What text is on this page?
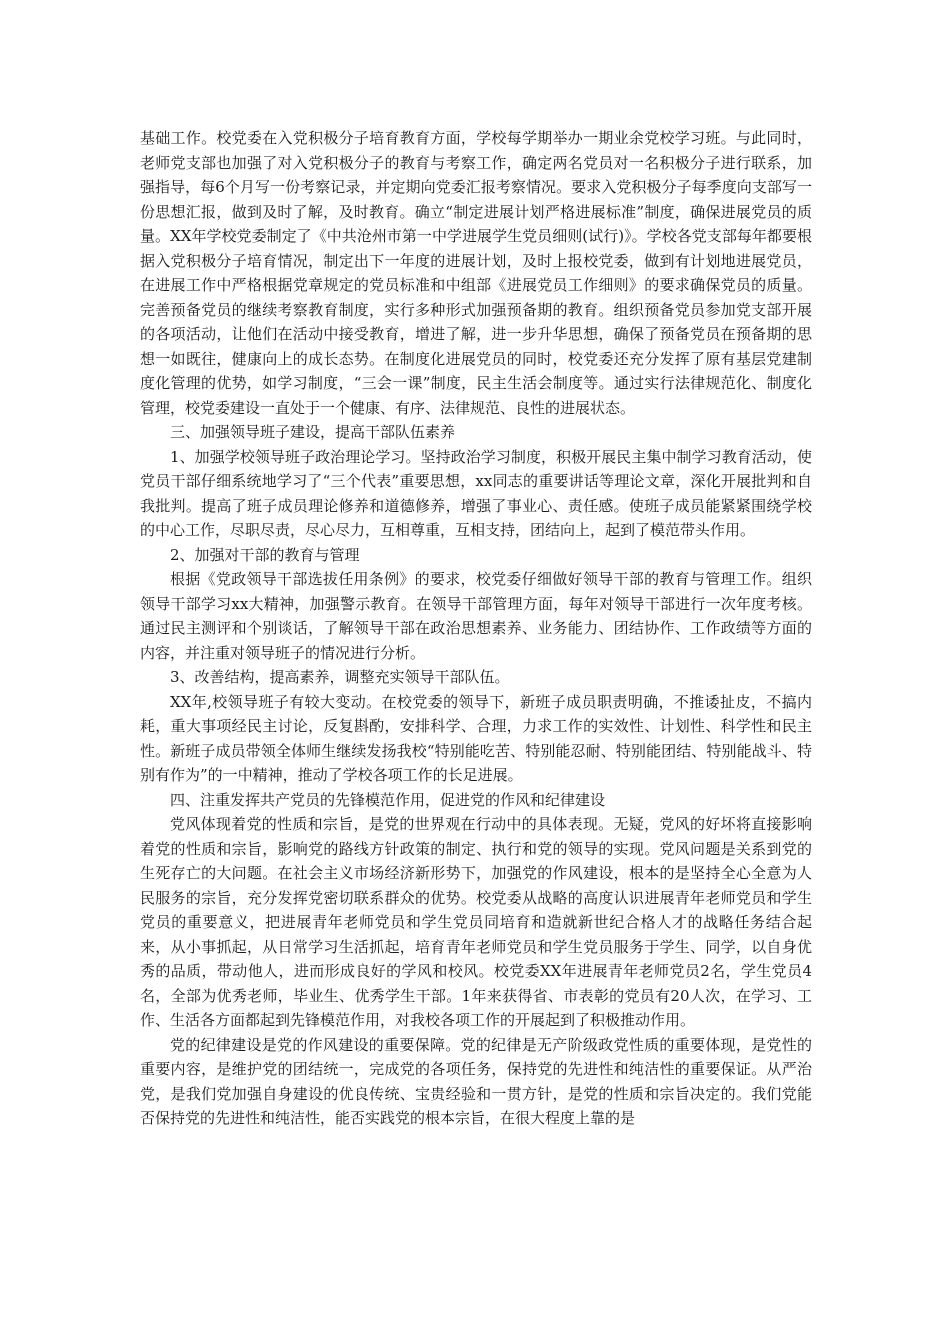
基础工作。校党委在入党积极分子培育教育方面，学校每学期举办一期业余党校学习班。与此同时，老师党支部也加强了对入党积极分子的教育与考察工作，确定两名党员对一名积极分子进行联系，加强指导，每6个月写一份考察记录，并定期向党委汇报考察情况。要求入党积极分子每季度向支部写一份思想汇报，做到及时了解，及时教育。确立“制定进展计划严格进展标准”制度，确保进展党员的质量。XX年学校党委制定了《中共沧州市第一中学进展学生党员细则(试行)》。学校各党支部每年都要根据入党积极分子培育情况，制定出下一年度的进展计划，及时上报校党委，做到有计划地进展党员，在进展工作中严格根据党章规定的党员标准和中组部《进展党员工作细则》的要求确保党员的质量。完善预备党员的继续考察教育制度，实行多种形式加强预备期的教育。组织预备党员参加党支部开展的各项活动，让他们在活动中接受教育，增进了解，进一步升华思想，确保了预备党员在预备期的思想一如既往，健康向上的成长态势。在制度化进展党员的同时，校党委还充分发挥了原有基层党建制度化管理的优势，如学习制度，“三会一课”制度，民主生活会制度等。通过实行法律规范化、制度化管理，校党委建设一直处于一个健康、有序、法律规范、良性的进展状态。

三、加强领导班子建设，提高干部队伍素养

1、加强学校领导班子政治理论学习。坚持政治学习制度，积极开展民主集中制学习教育活动，使党员干部仔细系统地学习了“三个代表”重要思想，xx同志的重要讲话等理论文章，深化开展批判和自我批判。提高了班子成员理论修养和道德修养，增强了事业心、责任感。使班子成员能紧紧围绕学校的中心工作，尽职尽责，尽心尽力，互相尊重，互相支持，团结向上，起到了模范带头作用。

2、加强对干部的教育与管理

根据《党政领导干部选拔任用条例》的要求，校党委仔细做好领导干部的教育与管理工作。组织领导干部学习xx大精神，加强警示教育。在领导干部管理方面，每年对领导干部进行一次年度考核。通过民主测评和个别谈话，了解领导干部在政治思想素养、业务能力、团结协作、工作政绩等方面的内容，并注重对领导班子的情况进行分析。

3、改善结构，提高素养，调整充实领导干部队伍。

XX年,校领导班子有较大变动。在校党委的领导下，新班子成员职责明确，不推诿扯皮，不搞内耗，重大事项经民主讨论，反复斟酌，安排科学、合理，力求工作的实效性、计划性、科学性和民主性。新班子成员带领全体师生继续发扬我校“特别能吃苦、特别能忍耐、特别能团结、特别能战斗、特别有作为”的一中精神，推动了学校各项工作的长足进展。

四、注重发挥共产党员的先锋模范作用，促进党的作风和纪律建设

党风体现着党的性质和宗旨，是党的世界观在行动中的具体表现。无疑，党风的好坏将直接影响着党的性质和宗旨，影响党的路线方针政策的制定、执行和党的领导的实现。党风问题是关系到党的生死存亡的大问题。在社会主义市场经济新形势下，加强党的作风建设，根本的是坚持全心全意为人民服务的宗旨，充分发挥党密切联系群众的优势。校党委从战略的高度认识进展青年老师党员和学生党员的重要意义，把进展青年老师党员和学生党员同培育和造就新世纪合格人才的战略任务结合起来，从小事抓起，从日常学习生活抓起，培育青年老师党员和学生党员服务于学生、同学，以自身优秀的品质，带动他人，进而形成良好的学风和校风。校党委XX年进展青年老师党员2名，学生党员4名，全部为优秀老师，毕业生、优秀学生干部。1年来获得省、市表彰的党员有20人次，在学习、工作、生活各方面都起到先锋模范作用，对我校各项工作的开展起到了积极推动作用。

党的纪律建设是党的作风建设的重要保障。党的纪律是无产阶级政党性质的重要体现，是党性的重要内容，是维护党的团结统一，完成党的各项任务，保持党的先进性和纯洁性的重要保证。从严治党，是我们党加强自身建设的优良传统、宝贵经验和一贯方针，是党的性质和宗旨决定的。我们党能否保持党的先进性和纯洁性，能否实践党的根本宗旨，在很大程度上靠的是
